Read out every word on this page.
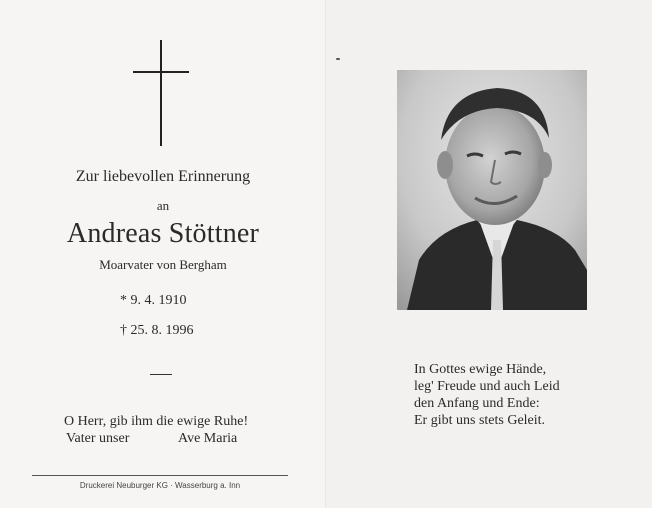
Zur liebevollen Erinnerung
an
Andreas Stöttner
Moarvater von Bergham
* 9. 4. 1910
† 25. 8. 1996
O Herr, gib ihm die ewige Ruhe!
Vater unser	Ave Maria
Druckerei Neuburger KG · Wasserburg a. Inn
In Gottes ewige Hände,
leg' Freude und auch Leid
den Anfang und Ende:
Er gibt uns stets Geleit.
